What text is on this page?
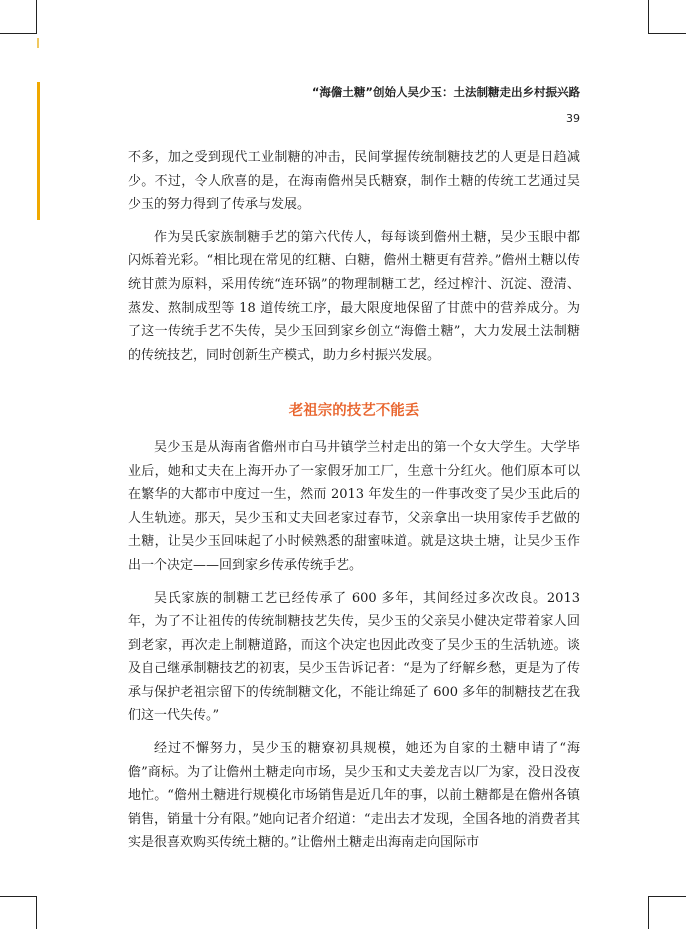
“海儋土糖”创始人吴少玉：土法制糖走出乡村振兴路
39

不多，加之受到现代工业制糖的冲击，民间掌握传统制糖技艺的人更是日趋减少。不过，令人欣喜的是，在海南儋州吴氏糖寮，制作土糖的传统工艺通过吴少玉的努力得到了传承与发展。

作为吴氏家族制糖手艺的第六代传人，每每谈到儋州土糖，吴少玉眼中都闪烁着光彩。“相比现在常见的红糖、白糖，儋州土糖更有营养。”儋州土糖以传统甘蔗为原料，采用传统“连环锅”的物理制糖工艺，经过榨汁、沉淀、澄清、蒸发、熬制成型等 18 道传统工序，最大限度地保留了甘蔗中的营养成分。为了这一传统手艺不失传，吴少玉回到家乡创立“海儋土糖”，大力发展土法制糖的传统技艺，同时创新生产模式，助力乡村振兴发展。

老祖宗的技艺不能丢

吴少玉是从海南省儋州市白马井镇学兰村走出的第一个女大学生。大学毕业后，她和丈夫在上海开办了一家假牙加工厂，生意十分红火。他们原本可以在繁华的大都市中度过一生，然而 2013 年发生的一件事改变了吴少玉此后的人生轨迹。那天，吴少玉和丈夫回老家过春节，父亲拿出一块用家传手艺做的土糖，让吴少玉回味起了小时候熟悉的甜蜜味道。就是这块土塘，让吴少玉作出一个决定——回到家乡传承传统手艺。

吴氏家族的制糖工艺已经传承了 600 多年，其间经过多次改良。2013 年，为了不让祖传的传统制糖技艺失传，吴少玉的父亲吴小健决定带着家人回到老家，再次走上制糖道路，而这个决定也因此改变了吴少玉的生活轨迹。谈及自己继承制糖技艺的初衷，吴少玉告诉记者：“是为了纾解乡愁，更是为了传承与保护老祖宗留下的传统制糖文化，不能让绵延了 600 多年的制糖技艺在我们这一代失传。”

经过不懈努力，吴少玉的糖寮初具规模，她还为自家的土糖申请了“海儋”商标。为了让儋州土糖走向市场，吴少玉和丈夫姜龙吉以厂为家，没日没夜地忙。“儋州土糖进行规模化市场销售是近几年的事，以前土糖都是在儋州各镇销售，销量十分有限。”她向记者介绍道：“走出去才发现，全国各地的消费者其实是很喜欢购买传统土糖的。”让儋州土糖走出海南走向国际市
